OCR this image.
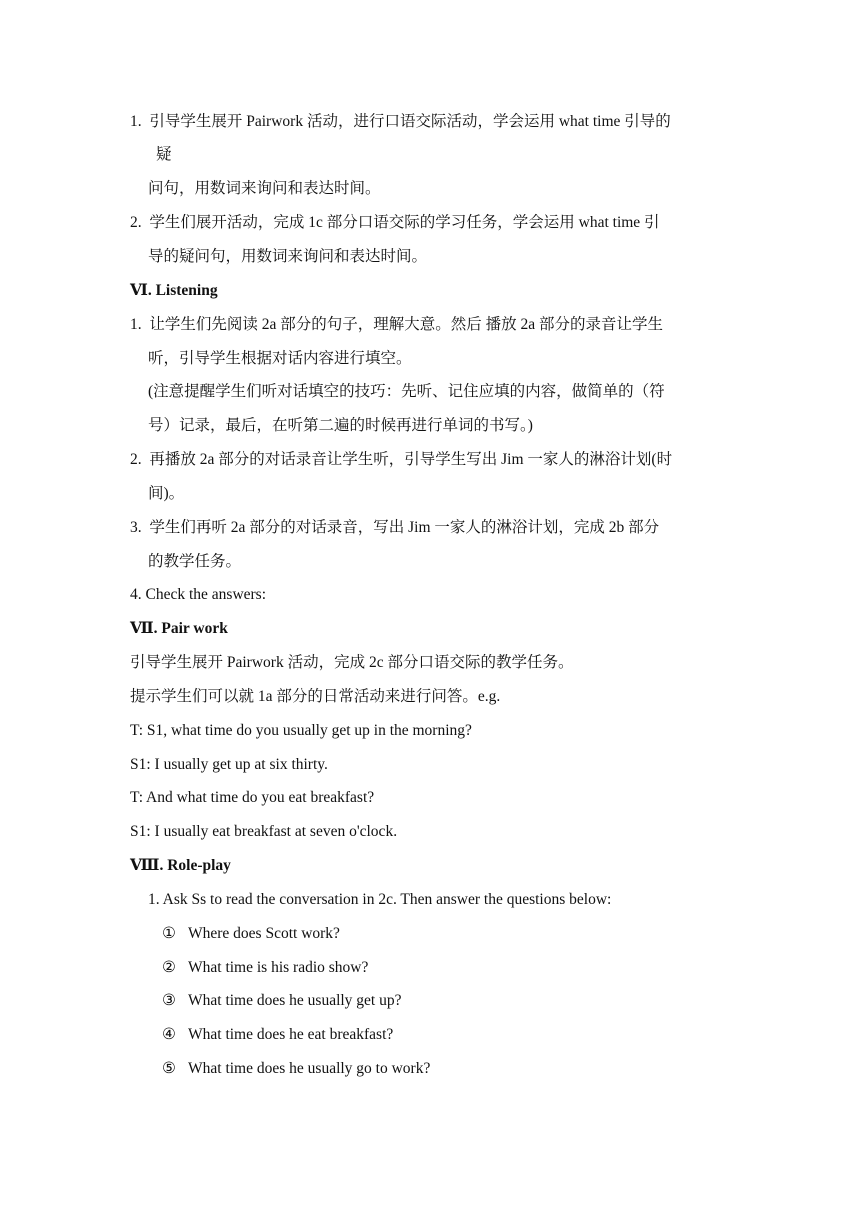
1. 引导学生展开 Pairwork 活动，进行口语交际活动，学会运用 what time 引导的
疑
问句，用数词来询问和表达时间。
2. 学生们展开活动，完成 1c 部分口语交际的学习任务，学会运用 what time 引
导的疑问句，用数词来询问和表达时间。
Ⅵ. Listening
1. 让学生们先阅读 2a 部分的句子，理解大意。然后 播放 2a 部分的录音让学生
听，引导学生根据对话内容进行填空。
(注意提醒学生们听对话填空的技巧：先听、记住应填的内容，做简单的（符
号）记录，最后，在听第二遍的时候再进行单词的书写。)
2. 再播放 2a 部分的对话录音让学生听，引导学生写出 Jim 一家人的淋浴计划(时
间)。
3. 学生们再听 2a 部分的对话录音，写出 Jim 一家人的淋浴计划，完成 2b 部分
的教学任务。
4. Check the answers:
Ⅶ. Pair work
引导学生展开 Pairwork 活动，完成 2c 部分口语交际的教学任务。
提示学生们可以就 1a 部分的日常活动来进行问答。e.g.
T: S1, what time do you usually get up in the morning?
S1: I usually get up at six thirty.
T: And what time do you eat breakfast?
S1: I usually eat breakfast at seven o'clock.
Ⅷ. Role-play
1. Ask Ss to read the conversation in 2c. Then answer the questions below:
① Where does Scott work?
② What time is his radio show?
③ What time does he usually get up?
④ What time does he eat breakfast?
⑤ What time does he usually go to work?
